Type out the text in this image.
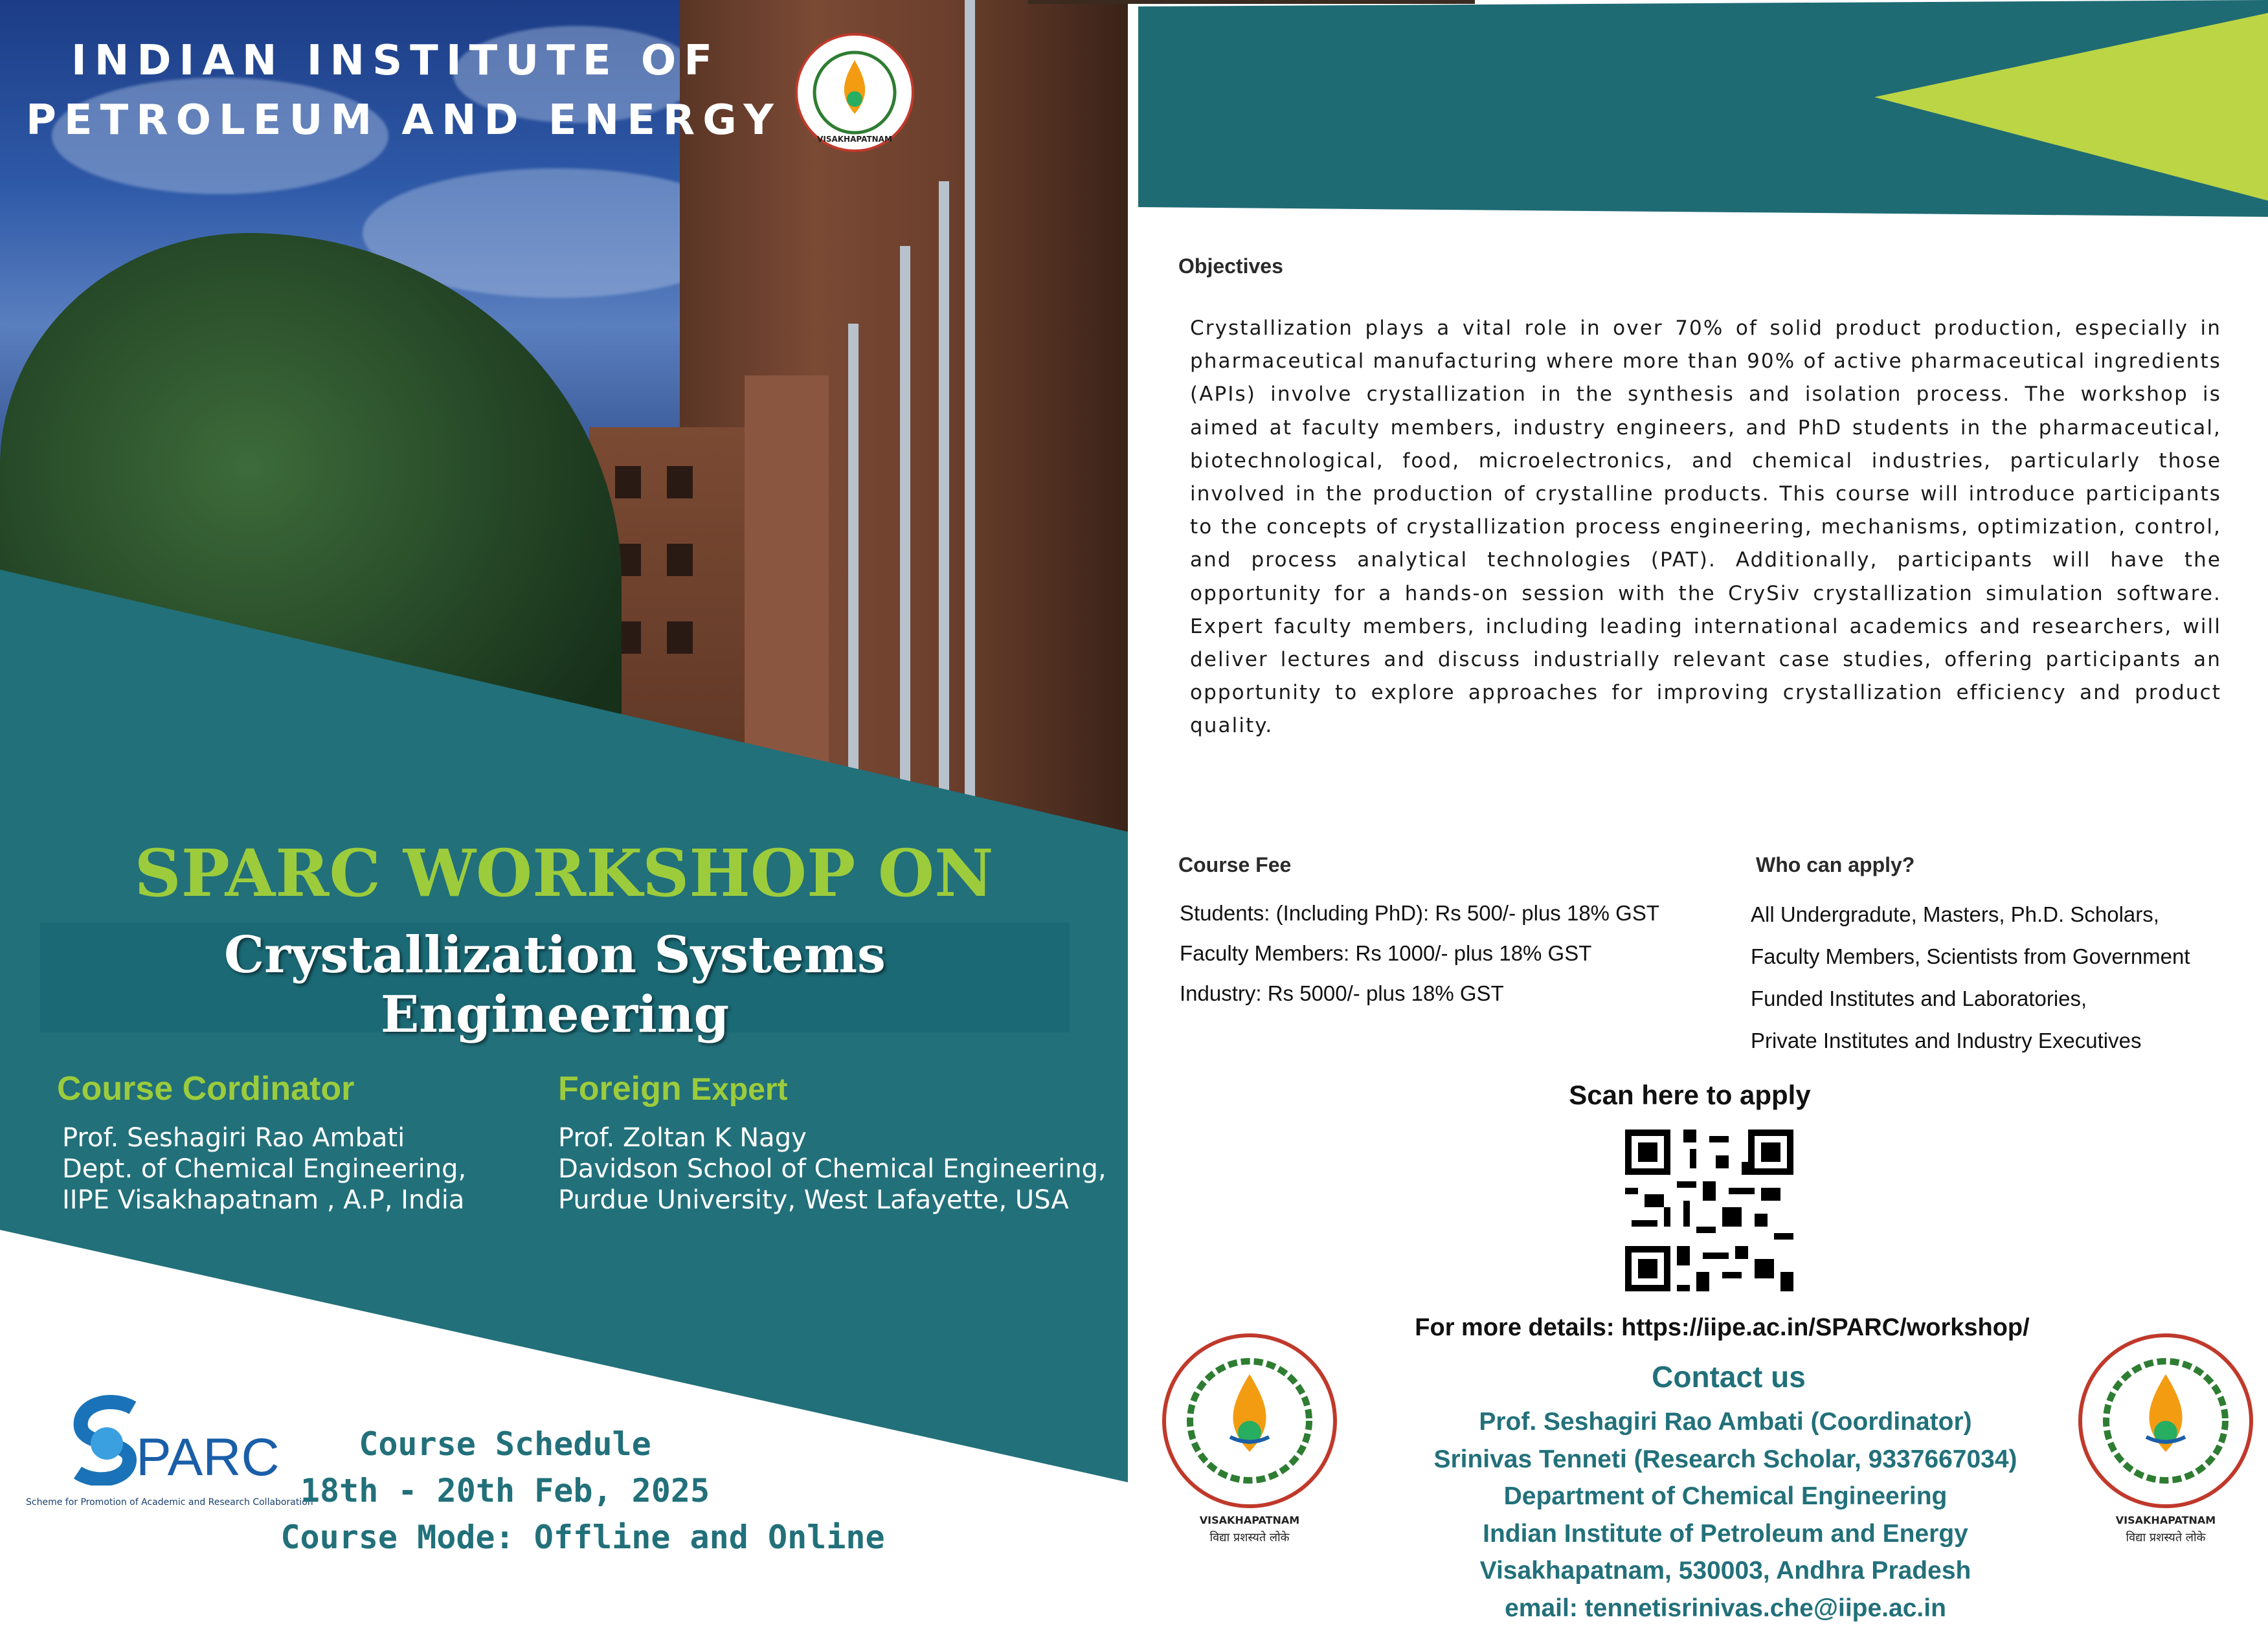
INDIAN INSTITUTE OF
PETROLEUM AND ENERGY	VISAKHAPATNAM
SPARC WORKSHOP ON
Crystallization Systems
Engineering
Course Cordinator
Prof. Seshagiri Rao Ambati
Dept. of Chemical Engineering,
IIPE Visakhapatnam , A.P, India
Foreign Expert
Prof. Zoltan K Nagy
Davidson School of Chemical Engineering,
Purdue University, West Lafayette, USA
PARC
Scheme for Promotion of Academic and Research Collaboration
Course Schedule
18th - 20th Feb, 2025
Course Mode: Offline and Online
Objectives
Crystallization plays a vital role in over 70% of solid product production, especially in pharmaceutical manufacturing where more than 90% of active pharmaceutical ingredients (APIs) involve crystallization in the synthesis and isolation process. The workshop is aimed at faculty members, industry engineers, and PhD students in the pharmaceutical, biotechnological, food, microelectronics, and chemical industries, particularly those involved in the production of crystalline products. This course will introduce participants to the concepts of crystallization process engineering, mechanisms, optimization, control, and process analytical technologies (PAT). Additionally, participants will have the opportunity for a hands-on session with the CrySiv crystallization simulation software. Expert faculty members, including leading international academics and researchers, will deliver lectures and discuss industrially relevant case studies, offering participants an opportunity to explore approaches for improving crystallization efficiency and product quality.
Course Fee
Students: (Including PhD): Rs 500/- plus 18% GST
Faculty Members: Rs 1000/- plus 18% GST
Industry: Rs 5000/- plus 18% GST
Who can apply?
All Undergradute, Masters, Ph.D. Scholars,
Faculty Members, Scientists from Government
Funded Institutes and Laboratories,
Private Institutes and Industry Executives
Scan here to apply
For more details: https://iipe.ac.in/SPARC/workshop/
Contact us
Prof. Seshagiri Rao Ambati (Coordinator)
Srinivas Tenneti (Research Scholar, 9337667034)
Department of Chemical Engineering
Indian Institute of Petroleum and Energy
Visakhapatnam, 530003, Andhra Pradesh
email: tennetisrinivas.che@iipe.ac.in
VISAKHAPATNAM
विद्या प्रशस्यते लोके
VISAKHAPATNAM
विद्या प्रशस्यते लोके
